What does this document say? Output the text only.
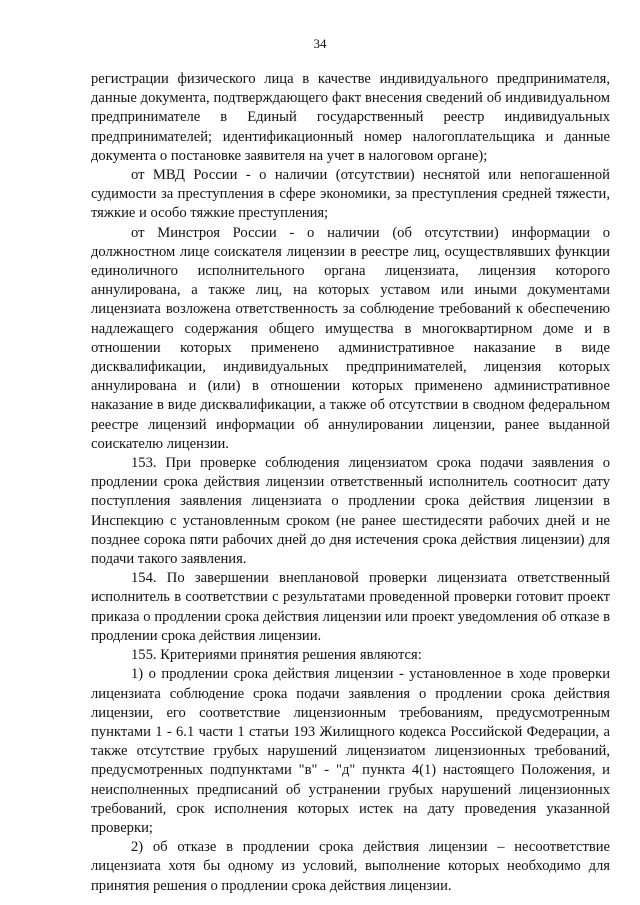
34

регистрации физического лица в качестве индивидуального предпринимателя, данные документа, подтверждающего факт внесения сведений об индивидуальном предпринимателе в Единый государственный реестр индивидуальных предпринимателей; идентификационный номер налогоплательщика и данные документа о постановке заявителя на учет в налоговом органе);

от МВД России - о наличии (отсутствии) неснятой или непогашенной судимости за преступления в сфере экономики, за преступления средней тяжести, тяжкие и особо тяжкие преступления;

от Минстроя России - о наличии (об отсутствии) информации о должностном лице соискателя лицензии в реестре лиц, осуществлявших функции единоличного исполнительного органа лицензиата, лицензия которого аннулирована, а также лиц, на которых уставом или иными документами лицензиата возложена ответственность за соблюдение требований к обеспечению надлежащего содержания общего имущества в многоквартирном доме и в отношении которых применено административное наказание в виде дисквалификации, индивидуальных предпринимателей, лицензия которых аннулирована и (или) в отношении которых применено административное наказание в виде дисквалификации, а также об отсутствии в сводном федеральном реестре лицензий информации об аннулировании лицензии, ранее выданной соискателю лицензии.

153. При проверке соблюдения лицензиатом срока подачи заявления о продлении срока действия лицензии ответственный исполнитель соотносит дату поступления заявления лицензиата о продлении срока действия лицензии в Инспекцию с установленным сроком (не ранее шестидесяти рабочих дней и не позднее сорока пяти рабочих дней до дня истечения срока действия лицензии) для подачи такого заявления.

154. По завершении внеплановой проверки лицензиата ответственный исполнитель в соответствии с результатами проведенной проверки готовит проект приказа о продлении срока действия лицензии или проект уведомления об отказе в продлении срока действия лицензии.

155. Критериями принятия решения являются:

1) о продлении срока действия лицензии - установленное в ходе проверки лицензиата соблюдение срока подачи заявления о продлении срока действия лицензии, его соответствие лицензионным требованиям, предусмотренным пунктами 1 - 6.1 части 1 статьи 193 Жилищного кодекса Российской Федерации, а также отсутствие грубых нарушений лицензиатом лицензионных требований, предусмотренных подпунктами "в" - "д" пункта 4(1) настоящего Положения, и неисполненных предписаний об устранении грубых нарушений лицензионных требований, срок исполнения которых истек на дату проведения указанной проверки;

2) об отказе в продлении срока действия лицензии – несоответствие лицензиата хотя бы одному из условий, выполнение которых необходимо для принятия решения о продлении срока действия лицензии.
